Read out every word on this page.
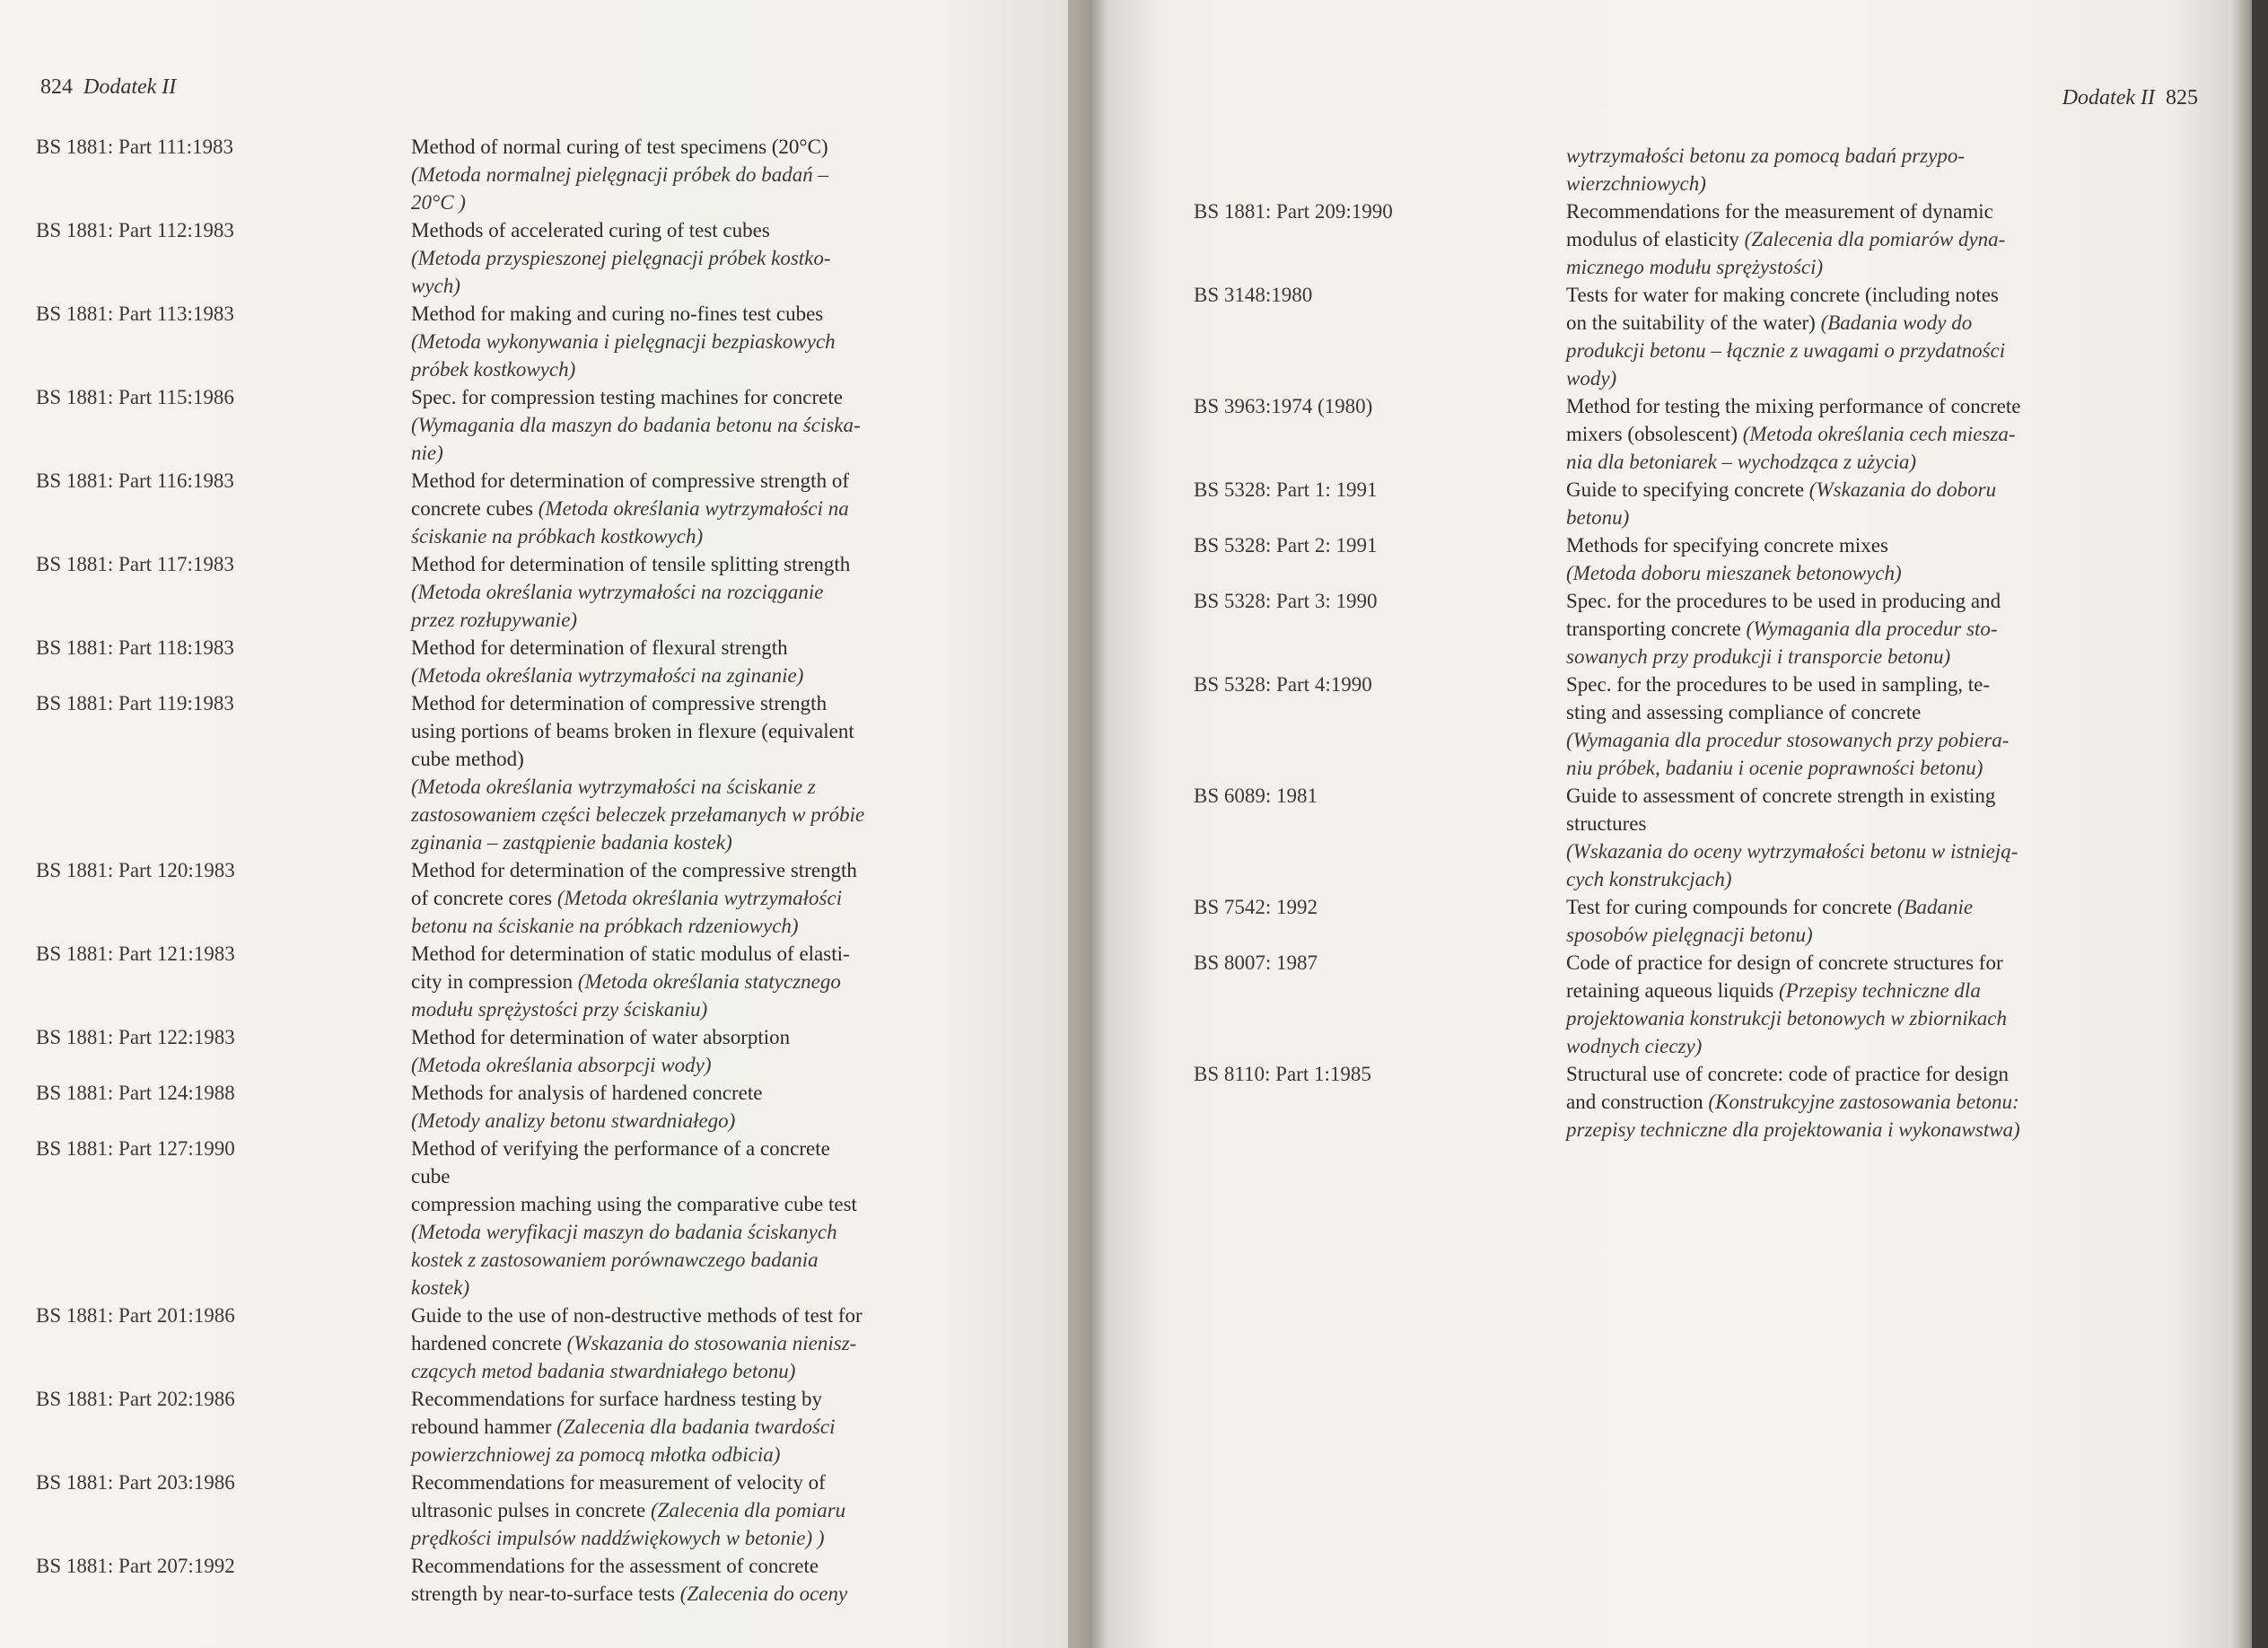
824 Dodatek II
BS 1881: Part 111:1983	Method of normal curing of test specimens (20°C)
(Metoda normalnej pielęgnacji próbek do badań –
20°C )
BS 1881: Part 112:1983	Methods of accelerated curing of test cubes
(Metoda przyspieszonej pielęgnacji próbek kostko-
wych)
BS 1881: Part 113:1983	Method for making and curing no-fines test cubes
(Metoda wykonywania i pielęgnacji bezpiaskowych
próbek kostkowych)
BS 1881: Part 115:1986	Spec. for compression testing machines for concrete
(Wymagania dla maszyn do badania betonu na ściska-
nie)
BS 1881: Part 116:1983	Method for determination of compressive strength of
concrete cubes (Metoda określania wytrzymałości na
ściskanie na próbkach kostkowych)
BS 1881: Part 117:1983	Method for determination of tensile splitting strength
(Metoda określania wytrzymałości na rozciąganie
przez rozłupywanie)
BS 1881: Part 118:1983	Method for determination of flexural strength
(Metoda określania wytrzymałości na zginanie)
BS 1881: Part 119:1983	Method for determination of compressive strength
using portions of beams broken in flexure (equivalent
cube method)
(Metoda określania wytrzymałości na ściskanie z
zastosowaniem części beleczek przełamanych w próbie
zginania – zastąpienie badania kostek)
BS 1881: Part 120:1983	Method for determination of the compressive strength
of concrete cores (Metoda określania wytrzymałości
betonu na ściskanie na próbkach rdzeniowych)
BS 1881: Part 121:1983	Method for determination of static modulus of elasti-
city in compression (Metoda określania statycznego
modułu sprężystości przy ściskaniu)
BS 1881: Part 122:1983	Method for determination of water absorption
(Metoda określania absorpcji wody)
BS 1881: Part 124:1988	Methods for analysis of hardened concrete
(Metody analizy betonu stwardniałego)
BS 1881: Part 127:1990	Method of verifying the performance of a concrete
cube
compression maching using the comparative cube test
(Metoda weryfikacji maszyn do badania ściskanych
kostek z zastosowaniem porównawczego badania
kostek)
BS 1881: Part 201:1986	Guide to the use of non-destructive methods of test for
hardened concrete (Wskazania do stosowania nienisz-
czących metod badania stwardniałego betonu)
BS 1881: Part 202:1986	Recommendations for surface hardness testing by
rebound hammer (Zalecenia dla badania twardości
powierzchniowej za pomocą młotka odbicia)
BS 1881: Part 203:1986	Recommendations for measurement of velocity of
ultrasonic pulses in concrete (Zalecenia dla pomiaru
prędkości impulsów naddźwiękowych w betonie) )
BS 1881: Part 207:1992	Recommendations for the assessment of concrete
strength by near-to-surface tests (Zalecenia do oceny
Dodatek II 825
wytrzymałości betonu za pomocą badań przypo-
wierzchniowych)
BS 1881: Part 209:1990	Recommendations for the measurement of dynamic
modulus of elasticity (Zalecenia dla pomiarów dyna-
micznego modułu sprężystości)
BS 3148:1980	Tests for water for making concrete (including notes
on the suitability of the water) (Badania wody do
produkcji betonu – łącznie z uwagami o przydatności
wody)
BS 3963:1974 (1980)	Method for testing the mixing performance of concrete
mixers (obsolescent) (Metoda określania cech miesza-
nia dla betoniarek – wychodząca z użycia)
BS 5328: Part 1: 1991	Guide to specifying concrete (Wskazania do doboru
betonu)
BS 5328: Part 2: 1991	Methods for specifying concrete mixes
(Metoda doboru mieszanek betonowych)
BS 5328: Part 3: 1990	Spec. for the procedures to be used in producing and
transporting concrete (Wymagania dla procedur sto-
sowanych przy produkcji i transporcie betonu)
BS 5328: Part 4:1990	Spec. for the procedures to be used in sampling, te-
sting and assessing compliance of concrete
(Wymagania dla procedur stosowanych przy pobiera-
niu próbek, badaniu i ocenie poprawności betonu)
BS 6089: 1981	Guide to assessment of concrete strength in existing
structures
(Wskazania do oceny wytrzymałości betonu w istnieją-
cych konstrukcjach)
BS 7542: 1992	Test for curing compounds for concrete (Badanie
sposobów pielęgnacji betonu)
BS 8007: 1987	Code of practice for design of concrete structures for
retaining aqueous liquids (Przepisy techniczne dla
projektowania konstrukcji betonowych w zbiornikach
wodnych cieczy)
BS 8110: Part 1:1985	Structural use of concrete: code of practice for design
and construction (Konstrukcyjne zastosowania betonu:
przepisy techniczne dla projektowania i wykonawstwa)
